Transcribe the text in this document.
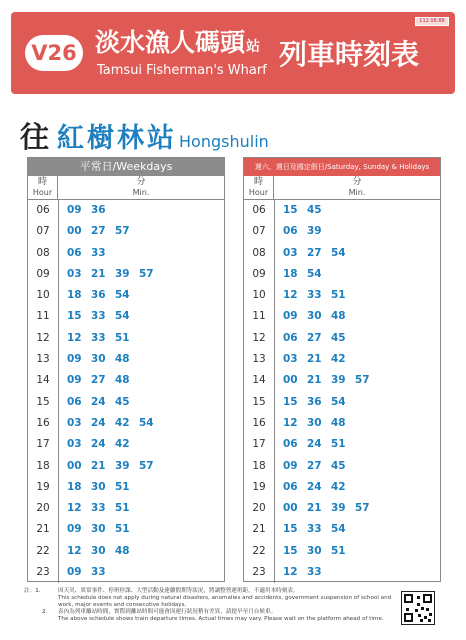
112.08.88
V26 淡水漁人碼頭站
Tamsui Fisherman's Wharf 列車時刻表
往 紅樹林站 Hongshulin
平常日/Weekdays
時
Hour
分
Min.
06	09 36
07	00 27 57
08	06 33
09	03 21 39 57
10	18 36 54
11	15 33 54
12	12 33 51
13	09 30 48
14	09 27 48
15	06 24 45
16	03 24 42 54
17	03 24 42
18	00 21 39 57
19	18 30 51
20	12 33 51
21	09 30 51
22	12 30 48
23	09 33
週六、週日及國定假日/Saturday, Sunday & Holidays
時
Hour
分
Min.
06	15 45
07	06 39
08	03 27 54
09	18 54
10	12 33 51
11	09 30 48
12	06 27 45
13	03 21 42
14	00 21 39 57
15	15 36 54
16	12 30 48
17	06 24 51
18	09 27 45
19	06 24 42
20	00 21 39 57
21	15 33 54
22	15 30 51
23	12 33
註：1.	因天災、異常事件、停班停課、大型活動及連續假期等狀況，將調整營運班距，不適用本時刻表。
This schedule does not apply during natural disasters, anomalies and accidents, government suspension of school and work, major events and consecutive holidays.
2. 表內為列車離站時間，實際到離站時間可能會因運行狀況稍有差異，請提早至月台候車。
The above schedule shows train departure times. Actual times may vary. Please wait on the platform ahead of time.
